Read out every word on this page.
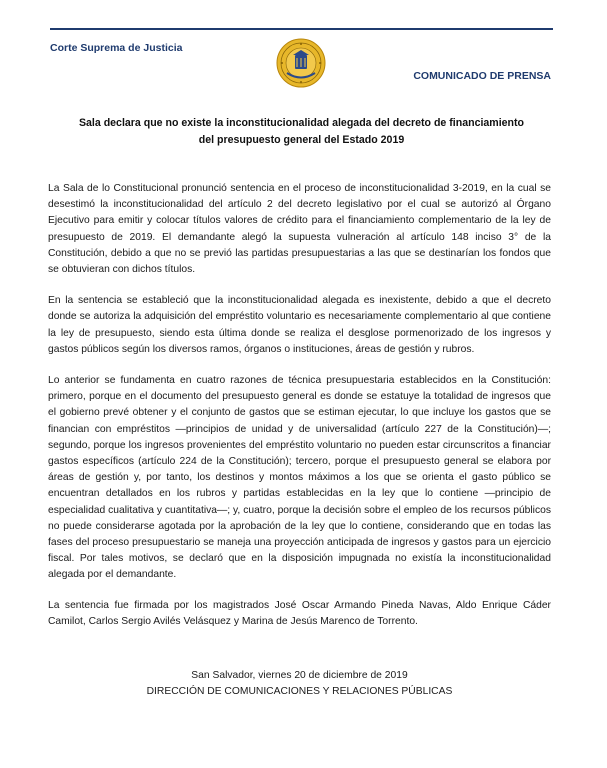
Corte Suprema de Justicia
COMUNICADO DE PRENSA
Sala declara que no existe la inconstitucionalidad alegada del decreto de financiamiento
del presupuesto general del Estado 2019

La Sala de lo Constitucional pronunció sentencia en el proceso de inconstitucionalidad 3-2019, en la cual se desestimó la inconstitucionalidad del artículo 2 del decreto legislativo por el cual se autorizó al Órgano Ejecutivo para emitir y colocar títulos valores de crédito para el financiamiento complementario de la ley de presupuesto de 2019. El demandante alegó la supuesta vulneración al artículo 148 inciso 3° de la Constitución, debido a que no se previó las partidas presupuestarias a las que se destinarían los fondos que se obtuvieran con dichos títulos.

En la sentencia se estableció que la inconstitucionalidad alegada es inexistente, debido a que el decreto donde se autoriza la adquisición del empréstito voluntario es necesariamente complementario al que contiene la ley de presupuesto, siendo esta última donde se realiza el desglose pormenorizado de los ingresos y gastos públicos según los diversos ramos, órganos o instituciones, áreas de gestión y rubros.

Lo anterior se fundamenta en cuatro razones de técnica presupuestaria establecidos en la Constitución: primero, porque en el documento del presupuesto general es donde se estatuye la totalidad de ingresos que el gobierno prevé obtener y el conjunto de gastos que se estiman ejecutar, lo que incluye los gastos que se financian con empréstitos —principios de unidad y de universalidad (artículo 227 de la Constitución)—; segundo, porque los ingresos provenientes del empréstito voluntario no pueden estar circunscritos a financiar gastos específicos (artículo 224 de la Constitución); tercero, porque el presupuesto general se elabora por áreas de gestión y, por tanto, los destinos y montos máximos a los que se orienta el gasto público se encuentran detallados en los rubros y partidas establecidas en la ley que lo contiene —principio de especialidad cualitativa y cuantitativa—; y, cuatro, porque la decisión sobre el empleo de los recursos públicos no puede considerarse agotada por la aprobación de la ley que lo contiene, considerando que en todas las fases del proceso presupuestario se maneja una proyección anticipada de ingresos y gastos para un ejercicio fiscal. Por tales motivos, se declaró que en la disposición impugnada no existía la inconstitucionalidad alegada por el demandante.

La sentencia fue firmada por los magistrados José Oscar Armando Pineda Navas, Aldo Enrique Cáder Camilot, Carlos Sergio Avilés Velásquez y Marina de Jesús Marenco de Torrento.

San Salvador, viernes 20 de diciembre de 2019
DIRECCIÓN DE COMUNICACIONES Y RELACIONES PÚBLICAS
